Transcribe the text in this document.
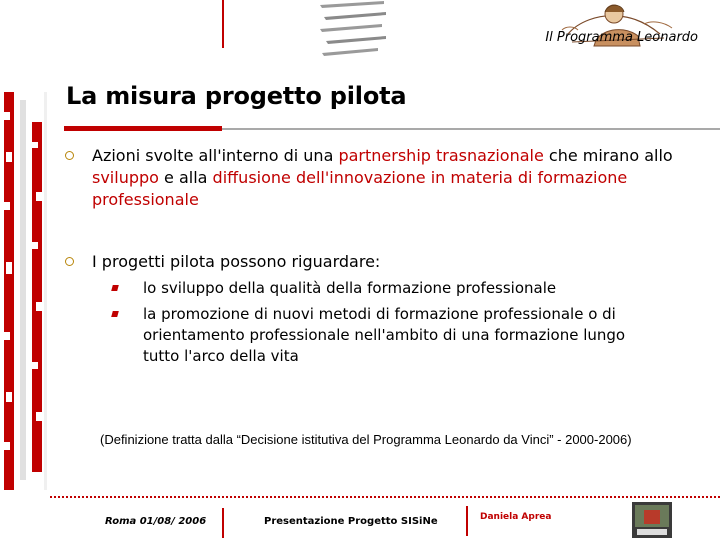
Il Programma Leonardo
La misura progetto pilota
Azioni svolte all'interno di una partnership trasnazionale che mirano allo sviluppo e alla diffusione dell'innovazione in materia di formazione professionale
I progetti pilota possono riguardare:
lo sviluppo della qualità della formazione professionale
la promozione di nuovi metodi di formazione professionale o di orientamento professionale nell'ambito di una formazione lungo tutto l'arco della vita
(Definizione tratta dalla “Decisione istitutiva del Programma Leonardo da Vinci” - 2000-2006)
Roma 01/08/ 2006	Presentazione Progetto SISiNe	Daniela Aprea
